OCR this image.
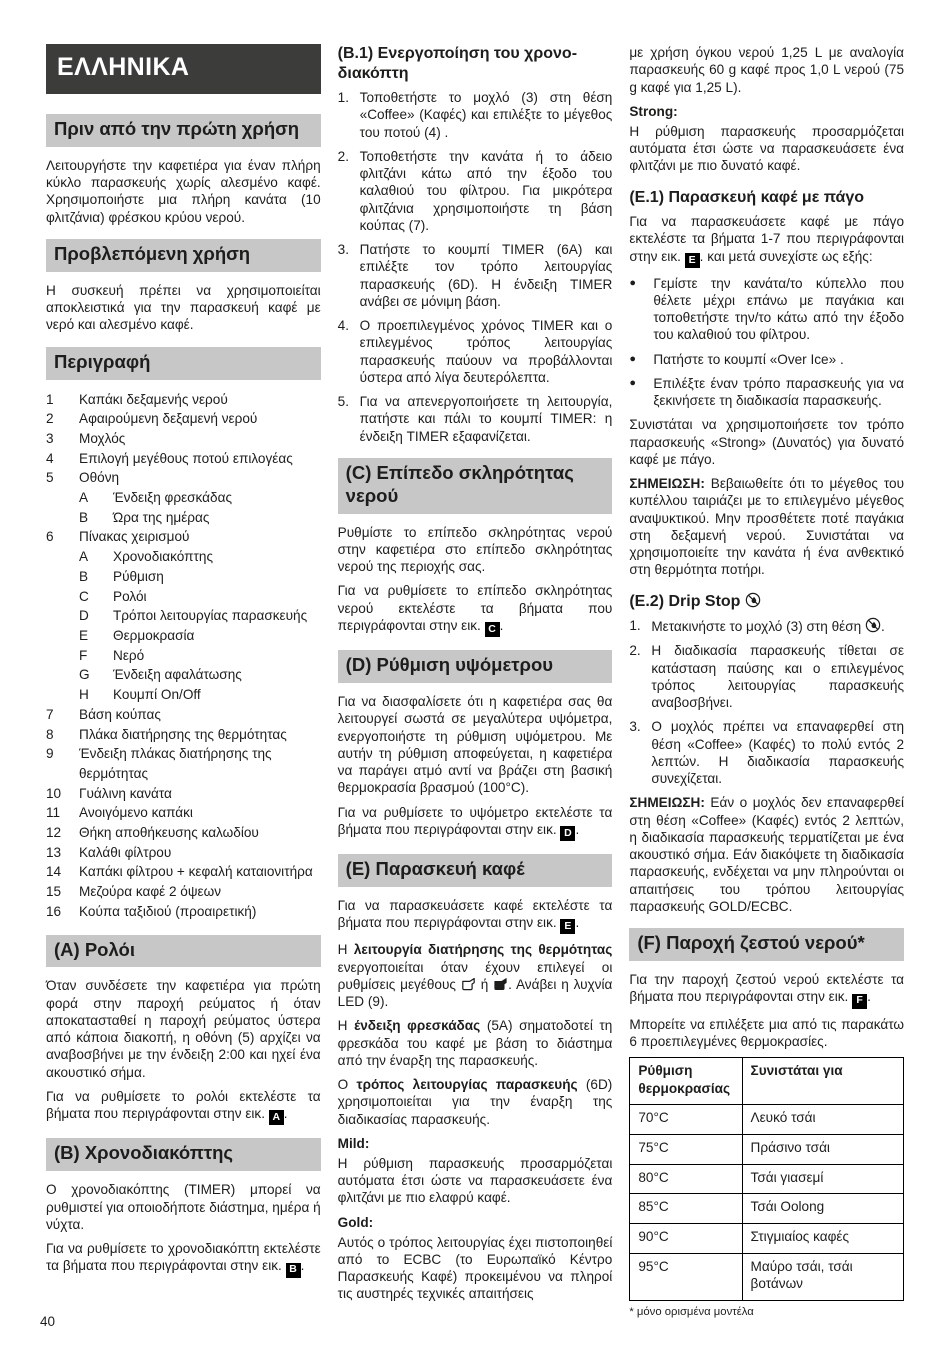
ΕΛΛΗΝΙΚΑ
Πριν από την πρώτη χρήση
Λειτουργήστε την καφετιέρα για έναν πλήρη κύκλο παρασκευής χωρίς αλεσμένο καφέ. Χρησιμοποιήστε μια πλήρη κανάτα (10 φλιτζάνια) φρέσκου κρύου νερού.
Προβλεπόμενη χρήση
Η συσκευή πρέπει να χρησιμοποιείται αποκλειστικά για την παρασκευή καφέ με νερό και αλεσμένο καφέ.
Περιγραφή
1	Καπάκι δεξαμενής νερού
2	Αφαιρούμενη δεξαμενή νερού
3	Μοχλός
4	Επιλογή μεγέθους ποτού επιλογέας
5	Οθόνη
A	Ένδειξη φρεσκάδας
B	Ώρα της ημέρας
6	Πίνακας χειρισμού
A	Χρονοδιακόπτης
B	Ρύθμιση
C	Ρολόι
D	Τρόποι λειτουργίας παρασκευής
E	Θερμοκρασία
F	Νερό
G	Ένδειξη αφαλάτωσης
H	Κουμπί On/Off
7	Βάση κούπας
8	Πλάκα διατήρησης της θερμότητας
9	Ένδειξη πλάκας διατήρησης της θερμότητας
10	Γυάλινη κανάτα
11	Ανοιγόμενο καπάκι
12	Θήκη αποθήκευσης καλωδίου
13	Καλάθι φίλτρου
14	Καπάκι φίλτρου + κεφαλή καταιονιτήρα
15	Μεζούρα καφέ 2 όψεων
16	Κούπα ταξιδιού (προαιρετική)
(A) Ρολόι
Όταν συνδέσετε την καφετιέρα για πρώτη φορά στην παροχή ρεύματος ή όταν αποκατασταθεί η παροχή ρεύματος ύστερα από κάποια διακοπή, η οθόνη (5) αρχίζει να αναβοσβήνει με την ένδειξη 2:00 και ηχεί ένα ακουστικό σήμα.
Για να ρυθμίσετε το ρολόι εκτελέστε τα βήματα που περιγράφονται στην εικ. A .
(B) Χρονοδιακόπτης
Ο χρονοδιακόπτης (TIMER) μπορεί να ρυθμιστεί για οποιοδήποτε διάστημα, ημέρα ή νύχτα.
Για να ρυθμίσετε το χρονοδιακόπτη εκτελέστε τα βήματα που περιγράφονται στην εικ. B .
(B.1) Ενεργοποίηση του χρονο-διακόπτη
1. Τοποθετήστε το μοχλό (3) στη θέση «Coffee» (Καφές) και επιλέξτε το μέγεθος του ποτού (4) .
2. Τοποθετήστε την κανάτα ή το άδειο φλιτζάνι κάτω από την έξοδο του καλαθιού του φίλτρου. Για μικρότερα φλιτζάνια χρησιμοποιήστε τη βάση κούπας (7).
3. Πατήστε το κουμπί TIMER (6A) και επιλέξτε τον τρόπο λειτουργίας παρασκευής (6D). Η ένδειξη TIMER ανάβει σε μόνιμη βάση.
4. Ο προεπιλεγμένος χρόνος TIMER και ο επιλεγμένος τρόπος λειτουργίας παρασκευής παύουν να προβάλλονται ύστερα από λίγα δευτερόλεπτα.
5. Για να απενεργοποιήσετε τη λειτουργία, πατήστε και πάλι το κουμπί TIMER: η ένδειξη TIMER εξαφανίζεται.
(C) Επίπεδο σκληρότητας νερού
Ρυθμίστε το επίπεδο σκληρότητας νερού στην καφετιέρα στο επίπεδο σκληρότητας νερού της περιοχής σας.
Για να ρυθμίσετε το επίπεδο σκληρότητας νερού εκτελέστε τα βήματα που περιγράφονται στην εικ. C .
(D) Ρύθμιση υψόμετρου
Για να διασφαλίσετε ότι η καφετιέρα σας θα λειτουργεί σωστά σε μεγαλύτερα υψόμετρα, ενεργοποιήστε τη ρύθμιση υψόμετρου. Με αυτήν τη ρύθμιση αποφεύγεται, η καφετιέρα να παράγει ατμό αντί να βράζει στη βασική θερμοκρασία βρασμού (100°C).
Για να ρυθμίσετε το υψόμετρο εκτελέστε τα βήματα που περιγράφονται στην εικ. D .
(E) Παρασκευή καφέ
Για να παρασκευάσετε καφέ εκτελέστε τα βήματα που περιγράφονται στην εικ. E .
Η λειτουργία διατήρησης της θερμότητας ενεργοποιείται όταν έχουν επιλεγεί οι ρυθμίσεις μεγέθους  ή . Ανάβει η λυχνία LED (9).
Η ένδειξη φρεσκάδας (5A) σηματοδοτεί τη φρεσκάδα του καφέ με βάση το διάστημα από την έναρξη της παρασκευής.
Ο τρόπος λειτουργίας παρασκευής (6D) χρησιμοποιείται για την έναρξη της διαδικασίας παρασκευής.
Mild:
Η ρύθμιση παρασκευής προσαρμόζεται αυτόματα έτσι ώστε να παρασκευάσετε ένα φλιτζάνι με πιο ελαφρύ καφέ.
Gold:
Αυτός ο τρόπος λειτουργίας έχει πιστοποιηθεί από το ECBC (το Ευρωπαϊκό Κέντρο Παρασκευής Καφέ) προκειμένου να πληροί τις αυστηρές τεχνικές απαιτήσεις
με χρήση όγκου νερού 1,25 L με αναλογία παρασκευής 60 g καφέ προς 1,0 L νερού (75 g καφέ για 1,25 L).
Strong:
Η ρύθμιση παρασκευής προσαρμόζεται αυτόματα έτσι ώστε να παρασκευάσετε ένα φλιτζάνι με πιο δυνατό καφέ.
(E.1) Παρασκευή καφέ με πάγο
Για να παρασκευάσετε καφέ με πάγο εκτελέστε τα βήματα 1-7 που περιγράφονται στην εικ. E . και μετά συνεχίστε ως εξής:
●	Γεμίστε την κανάτα/το κύπελλο που θέλετε μέχρι επάνω με παγάκια και τοποθετήστε την/το κάτω από την έξοδο του καλαθιού του φίλτρου.
●	Πατήστε το κουμπί «Over Ice» .
●	Επιλέξτε έναν τρόπο παρασκευής για να ξεκινήσετε τη διαδικασία παρασκευής.
Συνιστάται να χρησιμοποιήσετε τον τρόπο παρασκευής «Strong» (Δυνατός) για δυνατό καφέ με πάγο.
ΣΗΜΕΙΩΣΗ: Βεβαιωθείτε ότι το μέγεθος του κυπέλλου ταιριάζει με το επιλεγμένο μέγεθος αναψυκτικού. Μην προσθέτετε ποτέ παγάκια στη δεξαμενή νερού. Συνιστάται να χρησιμοποιείτε την κανάτα ή ένα ανθεκτικό στη θερμότητα ποτήρι.
(E.2) Drip Stop
1. Μετακινήστε το μοχλό (3) στη θέση .
2. Η διαδικασία παρασκευής τίθεται σε κατάσταση παύσης και ο επιλεγμένος τρόπος λειτουργίας παρασκευής αναβοσβήνει.
3. Ο μοχλός πρέπει να επαναφερθεί στη θέση «Coffee» (Καφές) το πολύ εντός 2 λεπτών. Η διαδικασία παρασκευής συνεχίζεται.
ΣΗΜΕΙΩΣΗ: Εάν ο μοχλός δεν επαναφερθεί στη θέση «Coffee» (Καφές) εντός 2 λεπτών, η διαδικασία παρασκευής τερματίζεται με ένα ακουστικό σήμα. Εάν διακόψετε τη διαδικασία παρασκευής, ενδέχεται να μην πληρούνται οι απαιτήσεις του τρόπου λειτουργίας παρασκευής GOLD/ECBC.
(F) Παροχή ζεστού νερού*
Για την παροχή ζεστού νερού εκτελέστε τα βήματα που περιγράφονται στην εικ. F .
Μπορείτε να επιλέξετε μια από τις παρακάτω 6 προεπιλεγμένες θερμοκρασίες.
Ρύθμιση θερμοκρασίας	Συνιστάται για
70°C	Λευκό τσάι
75°C	Πράσινο τσάι
80°C	Τσάι γιασεμί
85°C	Τσάι Oolong
90°C	Στιγμιαίος καφές
95°C	Μαύρο τσάι, τσάι βοτάνων
* μόνο ορισμένα μοντέλα
40
